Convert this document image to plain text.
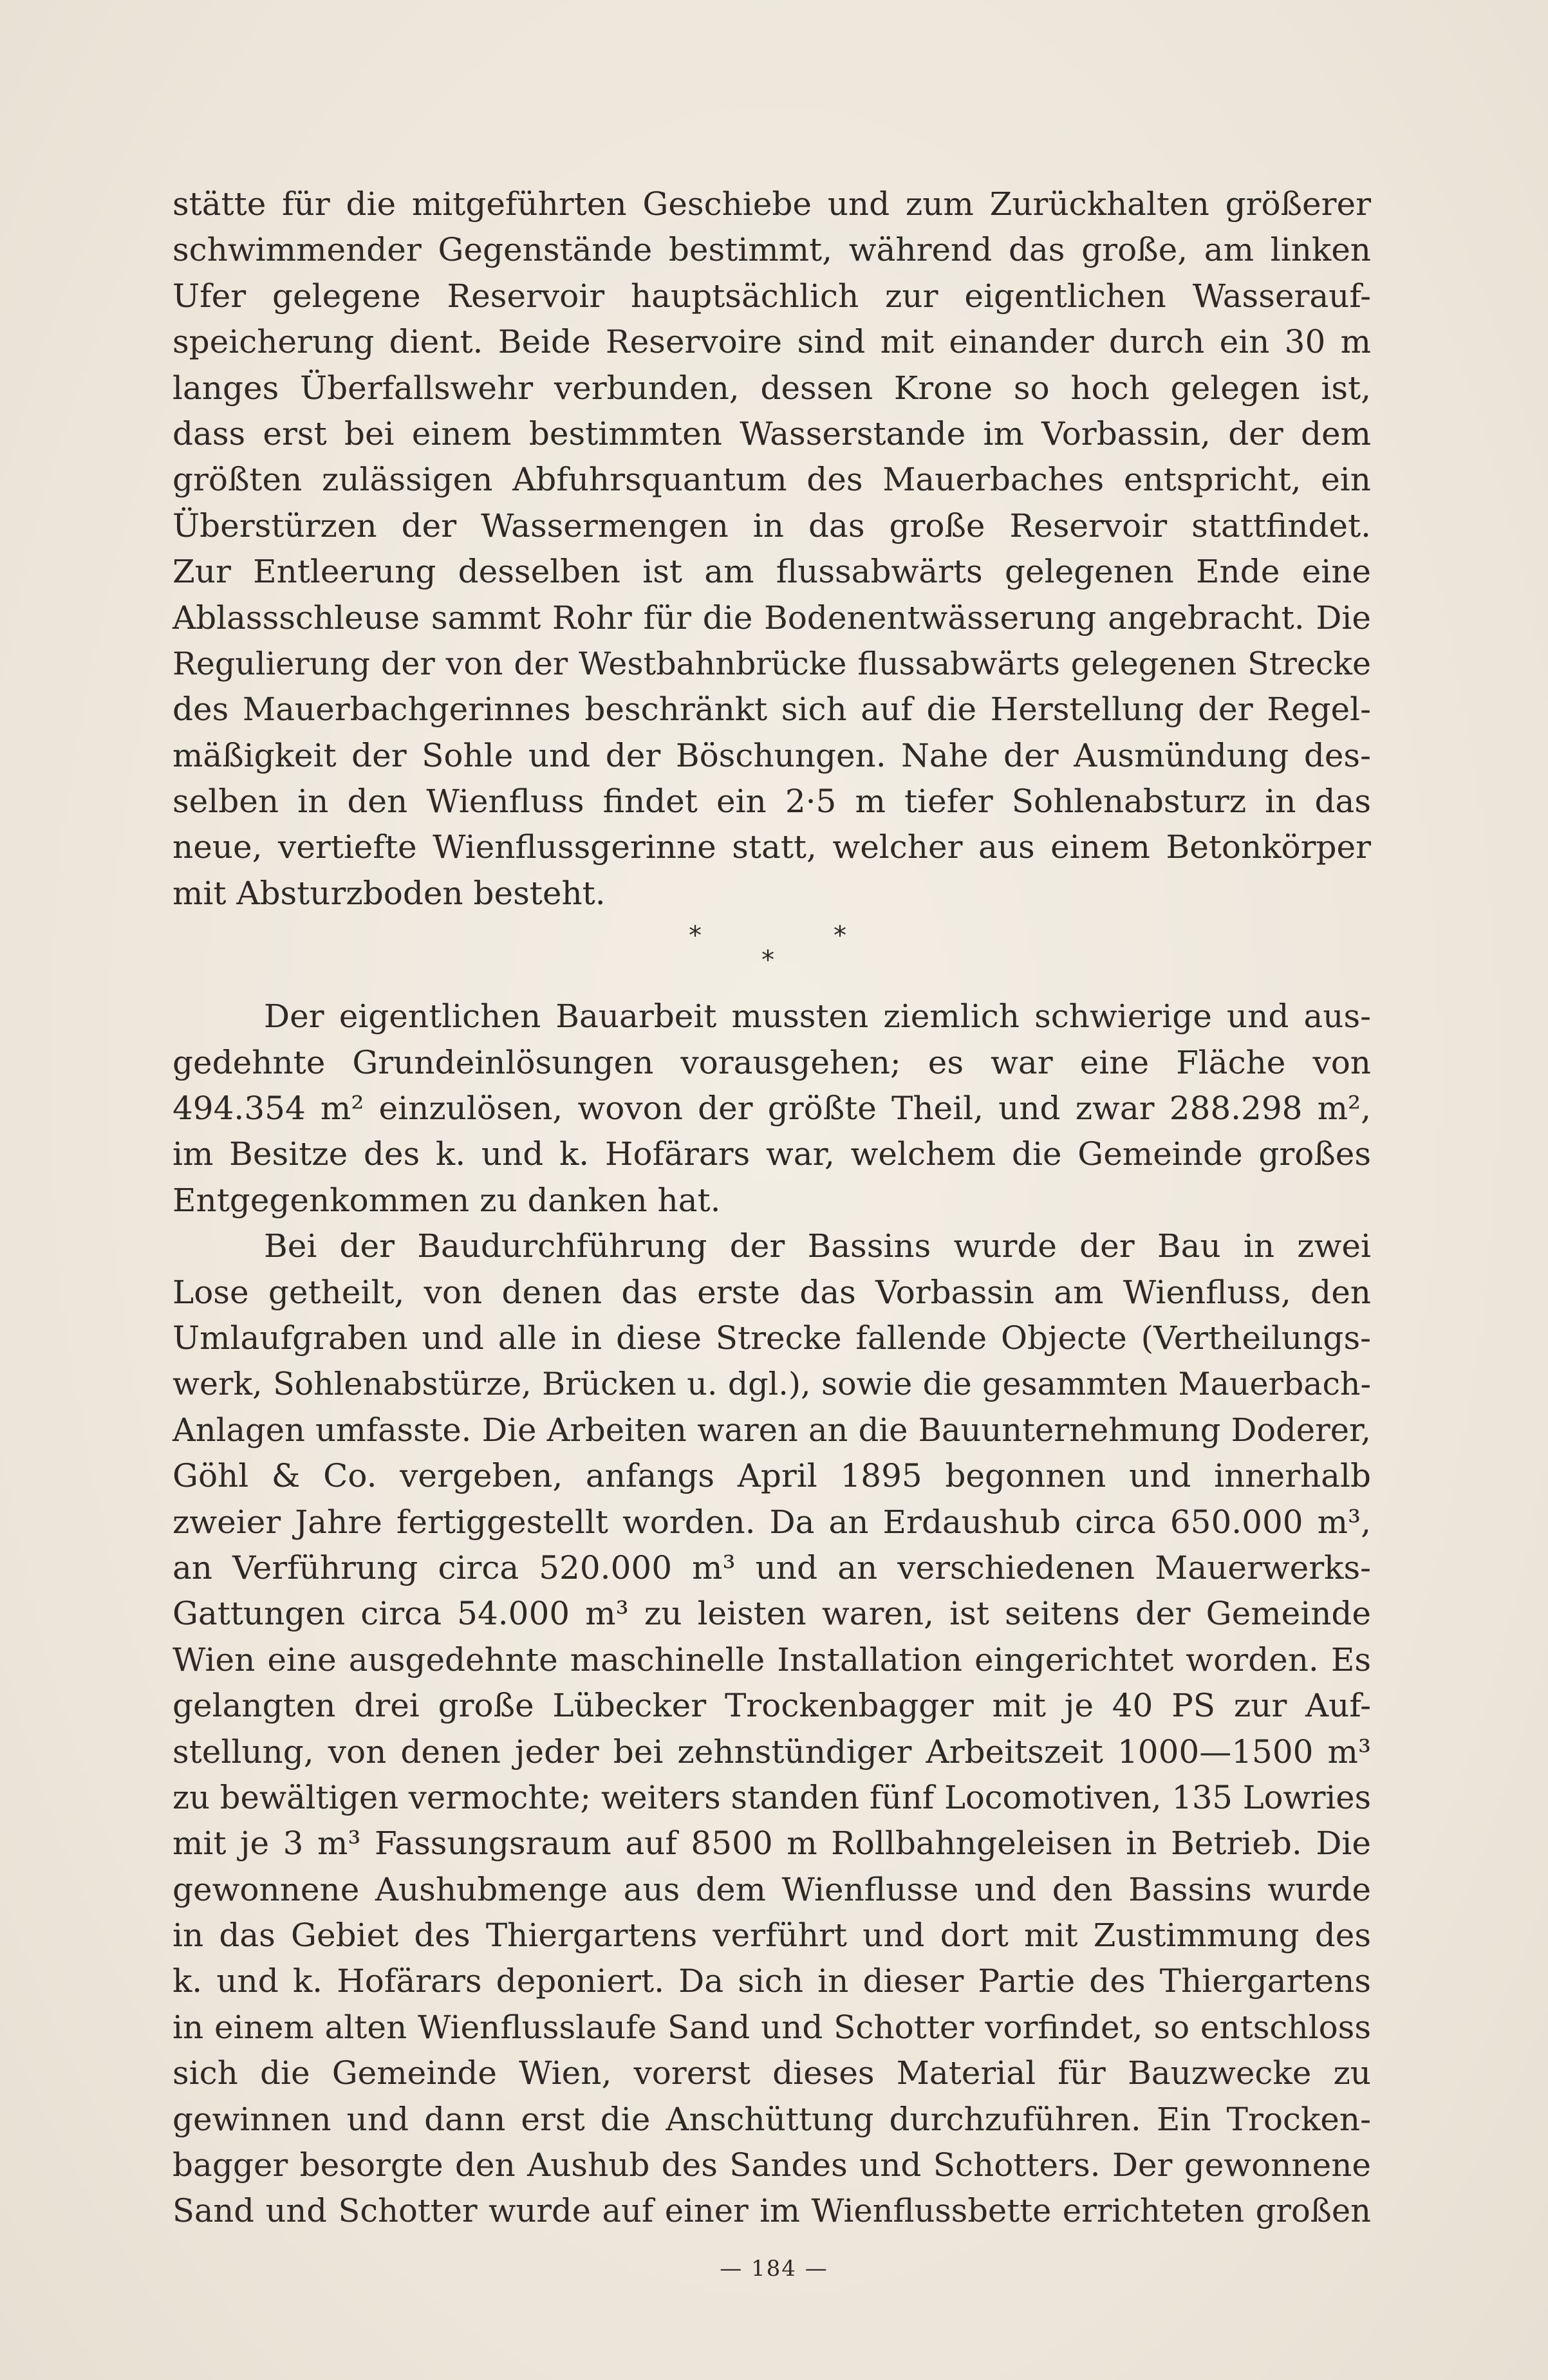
stätte für die mitgeführten Geschiebe und zum Zurückhalten größerer
schwimmender Gegenstände bestimmt, während das große, am linken
Ufer gelegene Reservoir hauptsächlich zur eigentlichen Wasserauf-
speicherung dient. Beide Reservoire sind mit einander durch ein 30 m
langes Überfallswehr verbunden, dessen Krone so hoch gelegen ist,
dass erst bei einem bestimmten Wasserstande im Vorbassin, der dem
größten zulässigen Abfuhrsquantum des Mauerbaches entspricht, ein
Überstürzen der Wassermengen in das große Reservoir stattfindet.
Zur Entleerung desselben ist am flussabwärts gelegenen Ende eine
Ablassschleuse sammt Rohr für die Bodenentwässerung angebracht. Die
Regulierung der von der Westbahnbrücke flussabwärts gelegenen Strecke
des Mauerbachgerinnes beschränkt sich auf die Herstellung der Regel-
mäßigkeit der Sohle und der Böschungen. Nahe der Ausmündung des-
selben in den Wienfluss findet ein 2·5 m tiefer Sohlenabsturz in das
neue, vertiefte Wienflussgerinne statt, welcher aus einem Betonkörper
mit Absturzboden besteht.
*	*
*
Der eigentlichen Bauarbeit mussten ziemlich schwierige und aus-
gedehnte Grundeinlösungen vorausgehen; es war eine Fläche von
494.354 m² einzulösen, wovon der größte Theil, und zwar 288.298 m²,
im Besitze des k. und k. Hofärars war, welchem die Gemeinde großes
Entgegenkommen zu danken hat.
Bei der Baudurchführung der Bassins wurde der Bau in zwei
Lose getheilt, von denen das erste das Vorbassin am Wienfluss, den
Umlaufgraben und alle in diese Strecke fallende Objecte (Vertheilungs-
werk, Sohlenabstürze, Brücken u. dgl.), sowie die gesammten Mauerbach-
Anlagen umfasste. Die Arbeiten waren an die Bauunternehmung Doderer,
Göhl & Co. vergeben, anfangs April 1895 begonnen und innerhalb
zweier Jahre fertiggestellt worden. Da an Erdaushub circa 650.000 m³,
an Verführung circa 520.000 m³ und an verschiedenen Mauerwerks-
Gattungen circa 54.000 m³ zu leisten waren, ist seitens der Gemeinde
Wien eine ausgedehnte maschinelle Installation eingerichtet worden. Es
gelangten drei große Lübecker Trockenbagger mit je 40 PS zur Auf-
stellung, von denen jeder bei zehnstündiger Arbeitszeit 1000—1500 m³
zu bewältigen vermochte; weiters standen fünf Locomotiven, 135 Lowries
mit je 3 m³ Fassungsraum auf 8500 m Rollbahngeleisen in Betrieb. Die
gewonnene Aushubmenge aus dem Wienflusse und den Bassins wurde
in das Gebiet des Thiergartens verführt und dort mit Zustimmung des
k. und k. Hofärars deponiert. Da sich in dieser Partie des Thiergartens
in einem alten Wienflusslaufe Sand und Schotter vorfindet, so entschloss
sich die Gemeinde Wien, vorerst dieses Material für Bauzwecke zu
gewinnen und dann erst die Anschüttung durchzuführen. Ein Trocken-
bagger besorgte den Aushub des Sandes und Schotters. Der gewonnene
Sand und Schotter wurde auf einer im Wienflussbette errichteten großen
— 184 —
